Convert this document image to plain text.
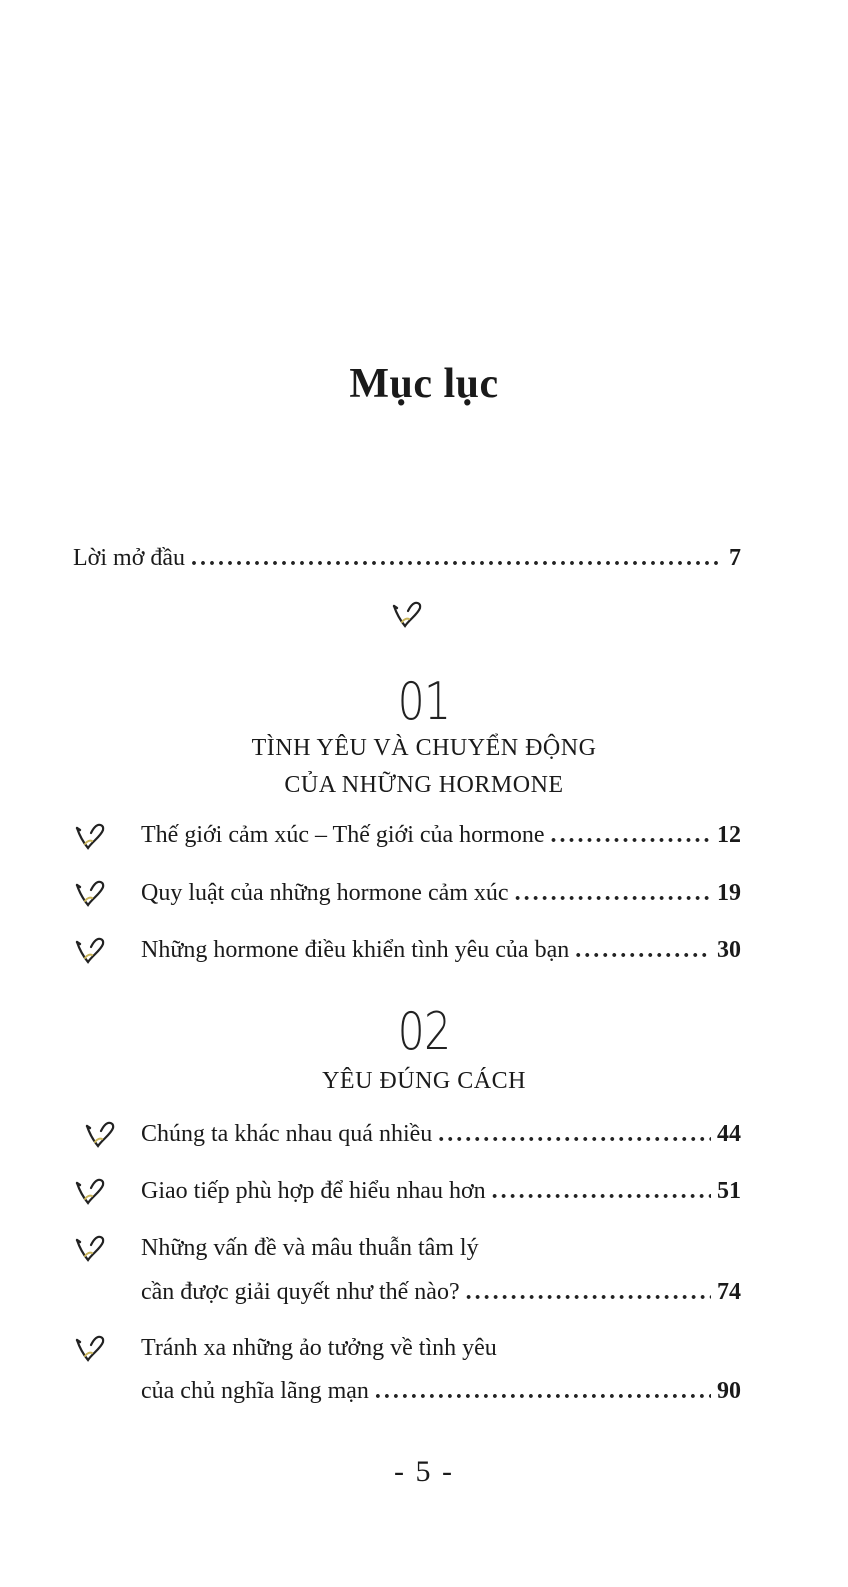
Mục lục
Lời mở đầu .....	7
01
TÌNH YÊU VÀ CHUYỂN ĐỘNG
CỦA NHỮNG HORMONE
Thế giới cảm xúc – Thế giới của hormone .....	12
Quy luật của những hormone cảm xúc .....	19
Những hormone điều khiển tình yêu của bạn .....	30
02
YÊU ĐÚNG CÁCH
Chúng ta khác nhau quá nhiều .....	44
Giao tiếp phù hợp để hiểu nhau hơn .....	51
Những vấn đề và mâu thuẫn tâm lý
cần được giải quyết như thế nào? .....	74
Tránh xa những ảo tưởng về tình yêu
của chủ nghĩa lãng mạn .....	90
- 5 -
